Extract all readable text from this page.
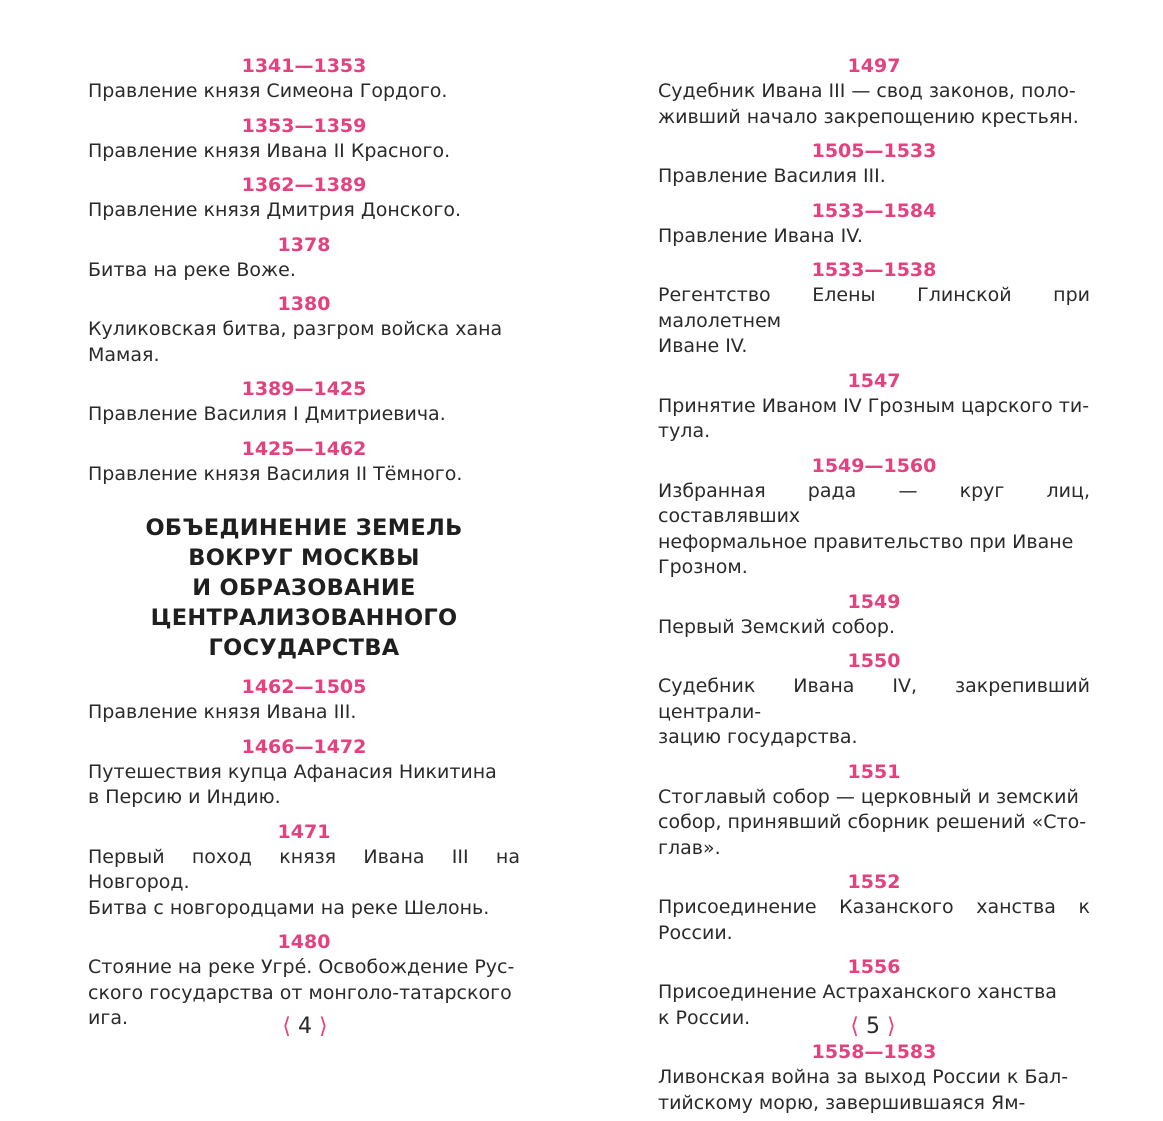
1341—1353
Правление князя Симеона Гордого.
1353—1359
Правление князя Ивана II Красного.
1362—1389
Правление князя Дмитрия Донского.
1378
Битва на реке Воже.
1380
Куликовская битва, разгром войска хана
Мамая.
1389—1425
Правление Василия I Дмитриевича.
1425—1462
Правление князя Василия II Тёмного.
ОБЪЕДИНЕНИЕ ЗЕМЕЛЬ
ВОКРУГ МОСКВЫ
И ОБРАЗОВАНИЕ
ЦЕНТРАЛИЗОВАННОГО
ГОСУДАРСТВА
1462—1505
Правление князя Ивана III.
1466—1472
Путешествия купца Афанасия Никитина
в Персию и Индию.
1471
Первый поход князя Ивана III на Новгород.
Битва с новгородцами на реке Шелонь.
1480
Стояние на реке Угре́. Освобождение Рус-
ского государства от монголо-татарского
ига.	⟨ 4 ⟩
1497
Судебник Ивана III — свод законов, поло-
живший начало закрепощению крестьян.
1505—1533
Правление Василия III.
1533—1584
Правление Ивана IV.
1533—1538
Регентство Елены Глинской при малолетнем
Иване IV.
1547
Принятие Иваном IV Грозным царского ти-
тула.
1549—1560
Избранная рада — круг лиц, составлявших
неформальное правительство при Иване
Грозном.
1549
Первый Земский собор.
1550
Судебник Ивана IV, закрепивший централи-
зацию государства.
1551
Стоглавый собор — церковный и земский
собор, принявший сборник решений «Сто-
глав».
1552
Присоединение Казанского ханства к России.
1556
Присоединение Астраханского ханства
к России.
1558—1583
Ливонская война за выход России к Бал-
тийскому морю, завершившаяся Ям-
⟨ 5 ⟩
